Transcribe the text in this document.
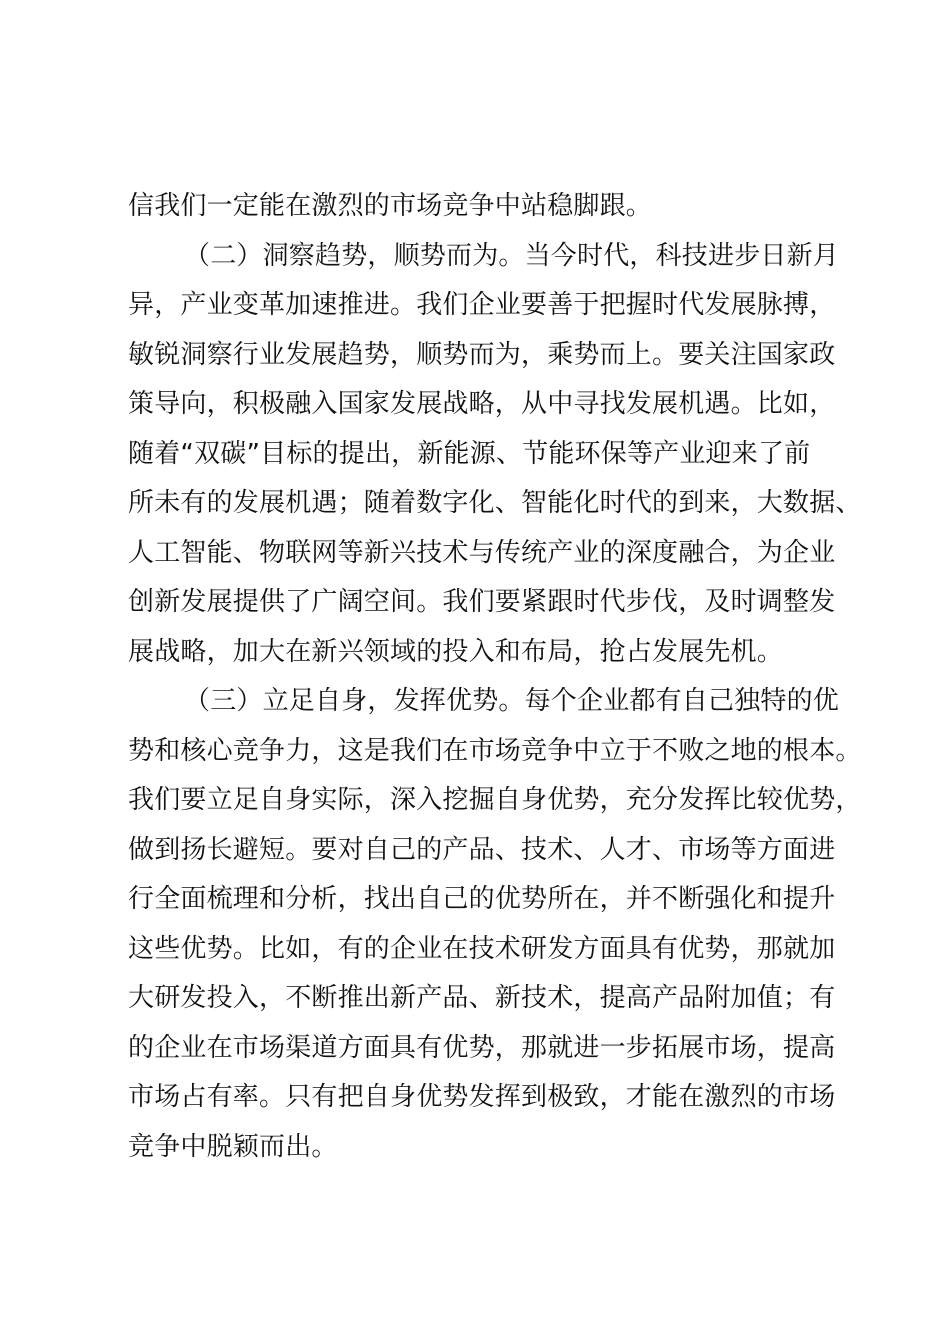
信我们一定能在激烈的市场竞争中站稳脚跟。
（二）洞察趋势，顺势而为。当今时代，科技进步日新月
异，产业变革加速推进。我们企业要善于把握时代发展脉搏，
敏锐洞察行业发展趋势，顺势而为，乘势而上。要关注国家政
策导向，积极融入国家发展战略，从中寻找发展机遇。比如，
随着“双碳”目标的提出，新能源、节能环保等产业迎来了前
所未有的发展机遇；随着数字化、智能化时代的到来，大数据、
人工智能、物联网等新兴技术与传统产业的深度融合，为企业
创新发展提供了广阔空间。我们要紧跟时代步伐，及时调整发
展战略，加大在新兴领域的投入和布局，抢占发展先机。
（三）立足自身，发挥优势。每个企业都有自己独特的优
势和核心竞争力，这是我们在市场竞争中立于不败之地的根本。
我们要立足自身实际，深入挖掘自身优势，充分发挥比较优势，
做到扬长避短。要对自己的产品、技术、人才、市场等方面进
行全面梳理和分析，找出自己的优势所在，并不断强化和提升
这些优势。比如，有的企业在技术研发方面具有优势，那就加
大研发投入，不断推出新产品、新技术，提高产品附加值；有
的企业在市场渠道方面具有优势，那就进一步拓展市场，提高
市场占有率。只有把自身优势发挥到极致，才能在激烈的市场
竞争中脱颖而出。
